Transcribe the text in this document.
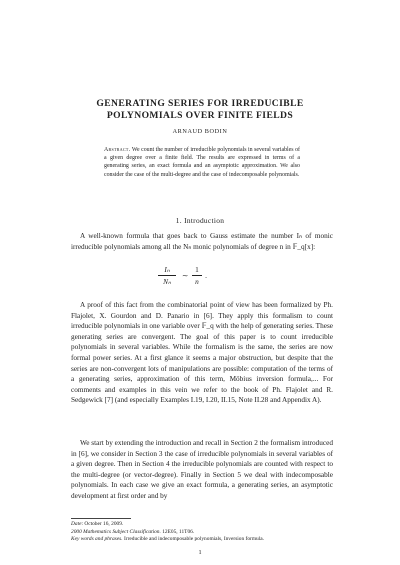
GENERATING SERIES FOR IRREDUCIBLE
POLYNOMIALS OVER FINITE FIELDS
ARNAUD BODIN
Abstract. We count the number of irreducible polynomials in several variables of a given degree over a finite field. The results are expressed in terms of a generating series, an exact formula and an asymptotic approximation. We also consider the case of the multi-degree and the case of indecomposable polynomials.
1. Introduction

A well-known formula that goes back to Gauss estimate the number Iₙ of monic irreducible polynomials among all the Nₙ monic polynomials of degree n in 𝔽_q[x]:

Iₙ
Nₙ
∼
1
n
.

A proof of this fact from the combinatorial point of view has been formalized by Ph. Flajolet, X. Gourdon and D. Panario in [6]. They apply this formalism to count irreducible polynomials in one variable over 𝔽_q with the help of generating series. These generating series are convergent. The goal of this paper is to count irreducible polynomials in several variables. While the formalism is the same, the series are now formal power series. At a first glance it seems a major obstruction, but despite that the series are non-convergent lots of manipulations are possible: computation of the terms of a generating series, approximation of this term, Möbius inversion formula,... For comments and examples in this vein we refer to the book of Ph. Flajolet and R. Sedgewick [7] (and especially Examples I.19, I.20, II.15, Note II.28 and Appendix A).

We start by extending the introduction and recall in Section 2 the formalism introduced in [6], we consider in Section 3 the case of irreducible polynomials in several variables of a given degree. Then in Section 4 the irreducible polynomials are counted with respect to the multi-degree (or vector-degree). Finally in Section 5 we deal with indecomposable polynomials. In each case we give an exact formula, a generating series, an asymptotic development at first order and by

Date: October 16, 2009.
2000 Mathematics Subject Classification. 12E05, 11T06.
Key words and phrases. Irreducible and indecomposable polynomials, Inversion formula.
1
